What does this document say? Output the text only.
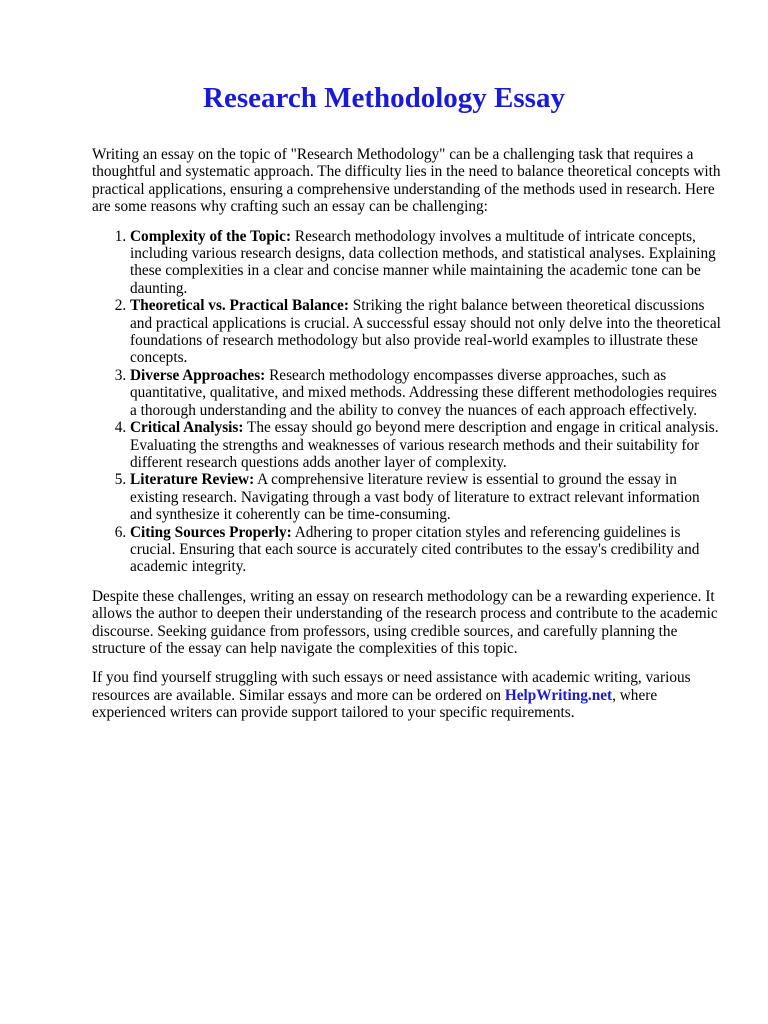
Research Methodology Essay

Writing an essay on the topic of "Research Methodology" can be a challenging task that requires a thoughtful and systematic approach. The difficulty lies in the need to balance theoretical concepts with practical applications, ensuring a comprehensive understanding of the methods used in research. Here are some reasons why crafting such an essay can be challenging:

1. Complexity of the Topic: Research methodology involves a multitude of intricate concepts, including various research designs, data collection methods, and statistical analyses. Explaining these complexities in a clear and concise manner while maintaining the academic tone can be daunting.
2. Theoretical vs. Practical Balance: Striking the right balance between theoretical discussions and practical applications is crucial. A successful essay should not only delve into the theoretical foundations of research methodology but also provide real-world examples to illustrate these concepts.
3. Diverse Approaches: Research methodology encompasses diverse approaches, such as quantitative, qualitative, and mixed methods. Addressing these different methodologies requires a thorough understanding and the ability to convey the nuances of each approach effectively.
4. Critical Analysis: The essay should go beyond mere description and engage in critical analysis. Evaluating the strengths and weaknesses of various research methods and their suitability for different research questions adds another layer of complexity.
5. Literature Review: A comprehensive literature review is essential to ground the essay in existing research. Navigating through a vast body of literature to extract relevant information and synthesize it coherently can be time-consuming.
6. Citing Sources Properly: Adhering to proper citation styles and referencing guidelines is crucial. Ensuring that each source is accurately cited contributes to the essay's credibility and academic integrity.

Despite these challenges, writing an essay on research methodology can be a rewarding experience. It allows the author to deepen their understanding of the research process and contribute to the academic discourse. Seeking guidance from professors, using credible sources, and carefully planning the structure of the essay can help navigate the complexities of this topic.

If you find yourself struggling with such essays or need assistance with academic writing, various resources are available. Similar essays and more can be ordered on HelpWriting.net, where experienced writers can provide support tailored to your specific requirements.
